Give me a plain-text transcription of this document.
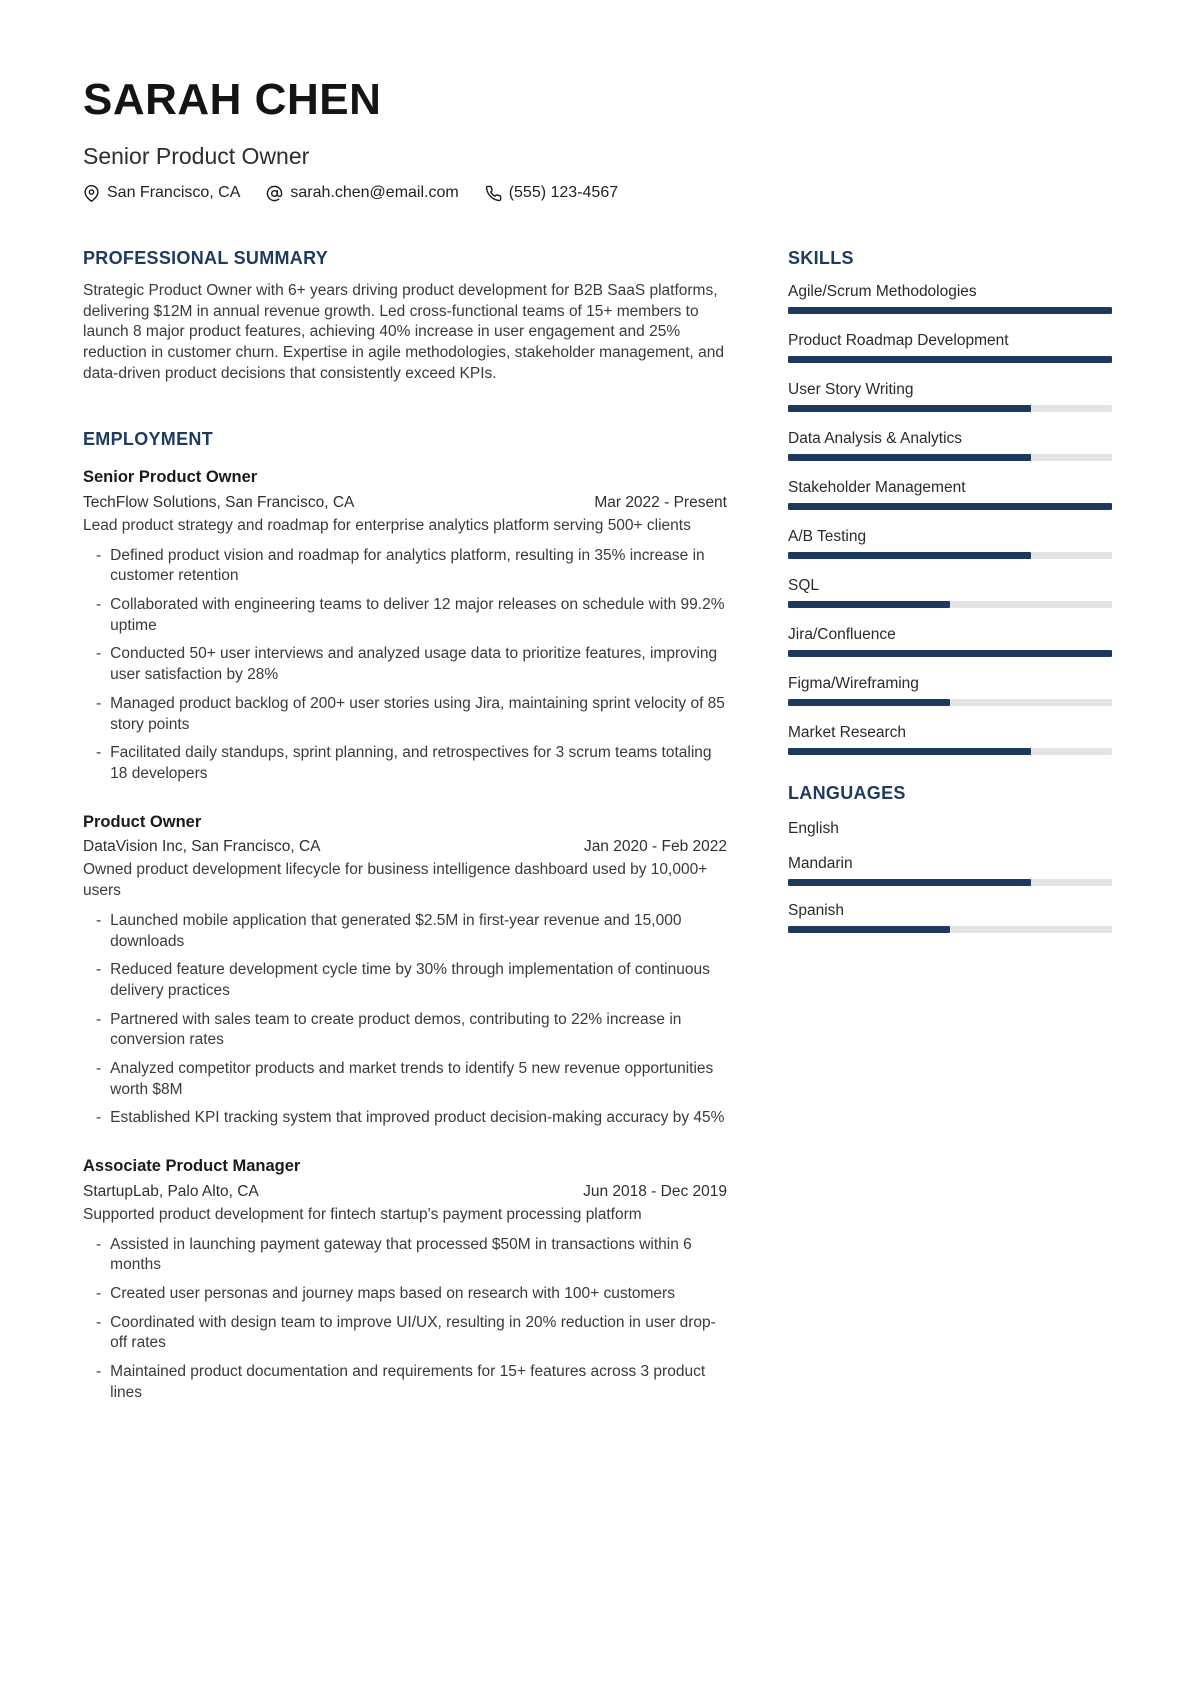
SARAH CHEN
Senior Product Owner
San Francisco, CA	sarah.chen@email.com	(555) 123-4567
PROFESSIONAL SUMMARY
Strategic Product Owner with 6+ years driving product development for B2B SaaS platforms, delivering $12M in annual revenue growth. Led cross-functional teams of 15+ members to launch 8 major product features, achieving 40% increase in user engagement and 25% reduction in customer churn. Expertise in agile methodologies, stakeholder management, and data-driven product decisions that consistently exceed KPIs.
EMPLOYMENT
Senior Product Owner
TechFlow Solutions, San Francisco, CA	Mar 2022 - Present
Lead product strategy and roadmap for enterprise analytics platform serving 500+ clients
-
Defined product vision and roadmap for analytics platform, resulting in 35% increase in customer retention
-
Collaborated with engineering teams to deliver 12 major releases on schedule with 99.2% uptime
-
Conducted 50+ user interviews and analyzed usage data to prioritize features, improving user satisfaction by 28%
-
Managed product backlog of 200+ user stories using Jira, maintaining sprint velocity of 85 story points
-
Facilitated daily standups, sprint planning, and retrospectives for 3 scrum teams totaling 18 developers
Product Owner
DataVision Inc, San Francisco, CA	Jan 2020 - Feb 2022
Owned product development lifecycle for business intelligence dashboard used by 10,000+ users
-
Launched mobile application that generated $2.5M in first-year revenue and 15,000 downloads
-
Reduced feature development cycle time by 30% through implementation of continuous delivery practices
-
Partnered with sales team to create product demos, contributing to 22% increase in conversion rates
-
Analyzed competitor products and market trends to identify 5 new revenue opportunities worth $8M
-
Established KPI tracking system that improved product decision-making accuracy by 45%
Associate Product Manager
StartupLab, Palo Alto, CA	Jun 2018 - Dec 2019
Supported product development for fintech startup's payment processing platform
-
Assisted in launching payment gateway that processed $50M in transactions within 6 months
-
Created user personas and journey maps based on research with 100+ customers
-
Coordinated with design team to improve UI/UX, resulting in 20% reduction in user drop-off rates
-
Maintained product documentation and requirements for 15+ features across 3 product lines
SKILLS
Agile/Scrum Methodologies
Product Roadmap Development
User Story Writing
Data Analysis & Analytics
Stakeholder Management
A/B Testing
SQL
Jira/Confluence
Figma/Wireframing
Market Research
LANGUAGES
English
Mandarin
Spanish
